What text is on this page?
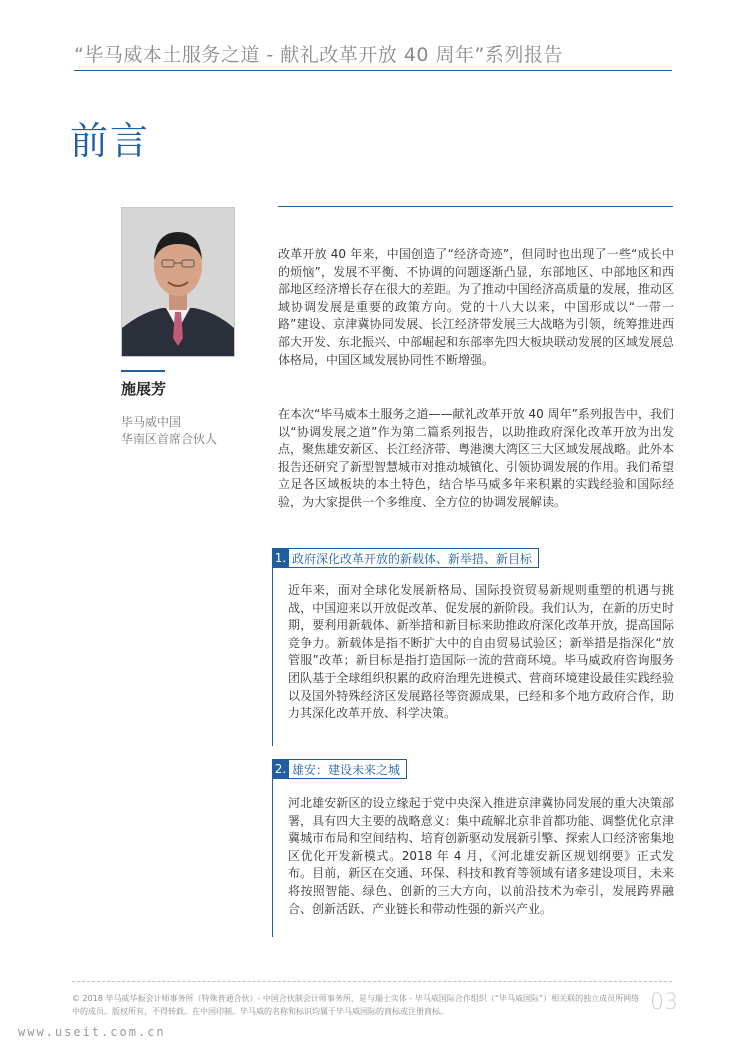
“毕马威本土服务之道 - 献礼改革开放 40 周年”系列报告
前言
施展芳
毕马威中国
华南区首席合伙人

改革开放 40 年来，中国创造了“经济奇迹”，但同时也出现了一些“成长中的烦恼”，发展不平衡、不协调的问题逐渐凸显，东部地区、中部地区和西部地区经济增长存在很大的差距。为了推动中国经济高质量的发展，推动区域协调发展是重要的政策方向。党的十八大以来，中国形成以“一带一路”建设、京津冀协同发展、长江经济带发展三大战略为引领，统筹推进西部大开发、东北振兴、中部崛起和东部率先四大板块联动发展的区域发展总体格局，中国区域发展协同性不断增强。

在本次“毕马威本土服务之道——献礼改革开放 40 周年”系列报告中，我们以“协调发展之道”作为第二篇系列报告，以助推政府深化改革开放为出发点，聚焦雄安新区、长江经济带、粤港澳大湾区三大区域发展战略。此外本报告还研究了新型智慧城市对推动城镇化、引领协调发展的作用。我们希望立足各区域板块的本土特色，结合毕马威多年来积累的实践经验和国际经验，为大家提供一个多维度、全方位的协调发展解读。

1. 政府深化改革开放的新载体、新举措、新目标

近年来，面对全球化发展新格局、国际投资贸易新规则重塑的机遇与挑战，中国迎来以开放促改革、促发展的新阶段。我们认为，在新的历史时期，要利用新载体、新举措和新目标来助推政府深化改革开放，提高国际竞争力。新载体是指不断扩大中的自由贸易试验区；新举措是指深化“放管服”改革；新目标是指打造国际一流的营商环境。毕马威政府咨询服务团队基于全球组织积累的政府治理先进模式、营商环境建设最佳实践经验以及国外特殊经济区发展路径等资源成果，已经和多个地方政府合作，助力其深化改革开放、科学决策。

2. 雄安：建设未来之城

河北雄安新区的设立缘起于党中央深入推进京津冀协同发展的重大决策部署，具有四大主要的战略意义：集中疏解北京非首都功能、调整优化京津冀城市布局和空间结构、培育创新驱动发展新引擎、探索人口经济密集地区优化开发新模式。2018 年 4 月，《河北雄安新区规划纲要》正式发布。目前，新区在交通、环保、科技和教育等领域有诸多建设项目，未来将按照智能、绿色、创新的三大方向，以前沿技术为牵引，发展跨界融合、创新活跃、产业链长和带动性强的新兴产业。

© 2018 毕马威华振会计师事务所（特殊普通合伙）- 中国合伙制会计师事务所，是与瑞士实体 - 毕马威国际合作组织（“毕马威国际”）相关联的独立成员所网络中的成员。版权所有，不得转载。在中国印制。毕马威的名称和标识均属于毕马威国际的商标或注册商标。	03
www.useit.com.cn
